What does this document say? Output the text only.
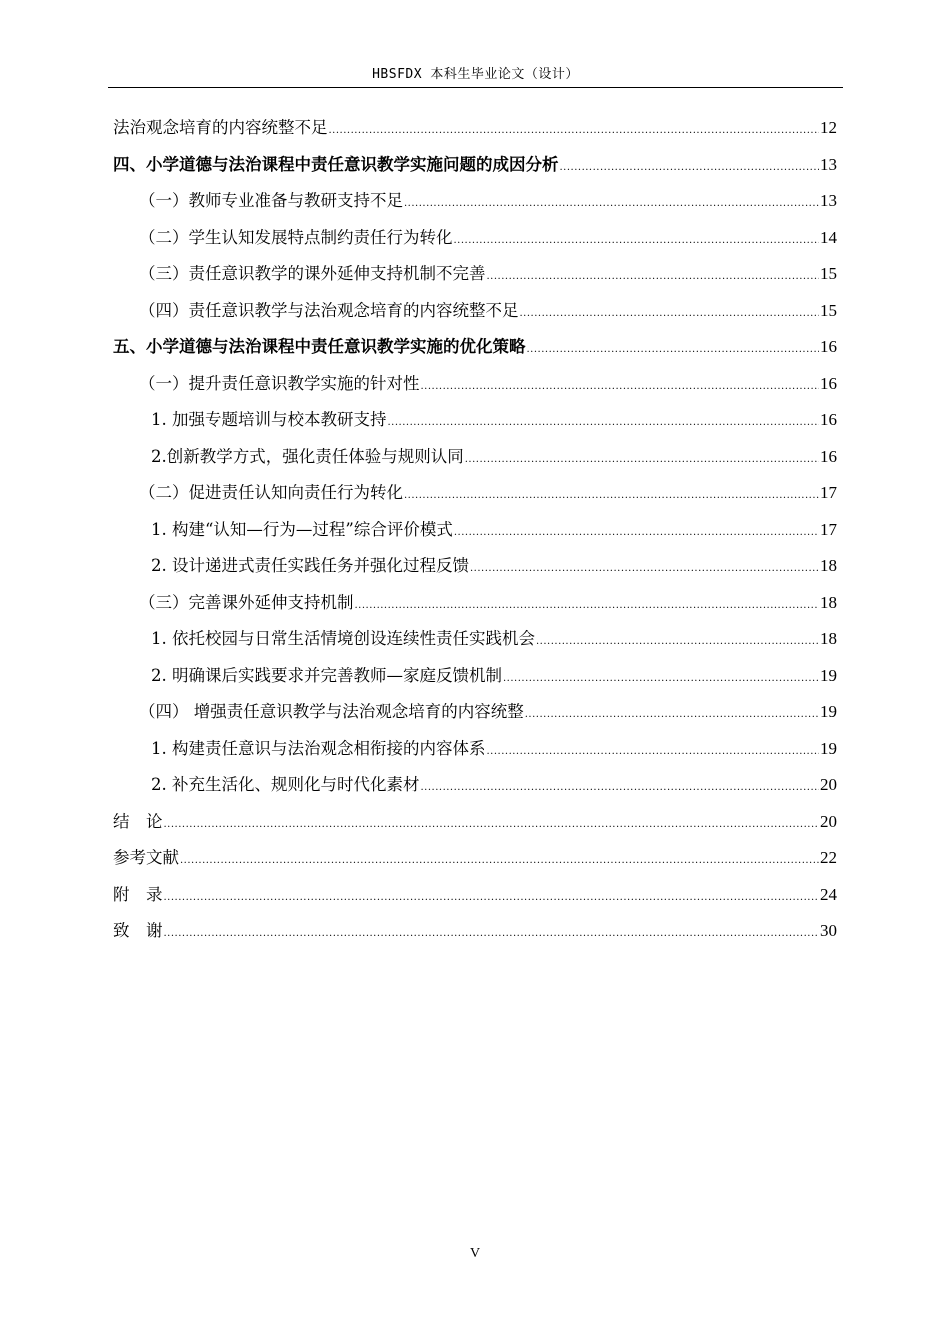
HBSFDX 本科生毕业论文（设计）
法治观念培育的内容统整不足 .....	12
四、小学道德与法治课程中责任意识教学实施问题的成因分析 .....	13
（一）教师专业准备与教研支持不足 .....	13
（二）学生认知发展特点制约责任行为转化 .....	14
（三）责任意识教学的课外延伸支持机制不完善 .....	15
（四）责任意识教学与法治观念培育的内容统整不足 .....	15
五、小学道德与法治课程中责任意识教学实施的优化策略 .....	16
（一）提升责任意识教学实施的针对性 .....	16
1. 加强专题培训与校本教研支持 .....	16
2.创新教学方式，强化责任体验与规则认同 .....	16
（二）促进责任认知向责任行为转化 .....	17
1. 构建“认知—行为—过程”综合评价模式 .....	17
2. 设计递进式责任实践任务并强化过程反馈 .....	18
（三）完善课外延伸支持机制 .....	18
1. 依托校园与日常生活情境创设连续性责任实践机会 .....	18
2. 明确课后实践要求并完善教师—家庭反馈机制 .....	19
（四） 增强责任意识教学与法治观念培育的内容统整 .....	19
1. 构建责任意识与法治观念相衔接的内容体系 .....	19
2. 补充生活化、规则化与时代化素材 .....	20
结　论 .....	20
参考文献 .....	22
附　录 .....	24
致　谢 .....	30
V
